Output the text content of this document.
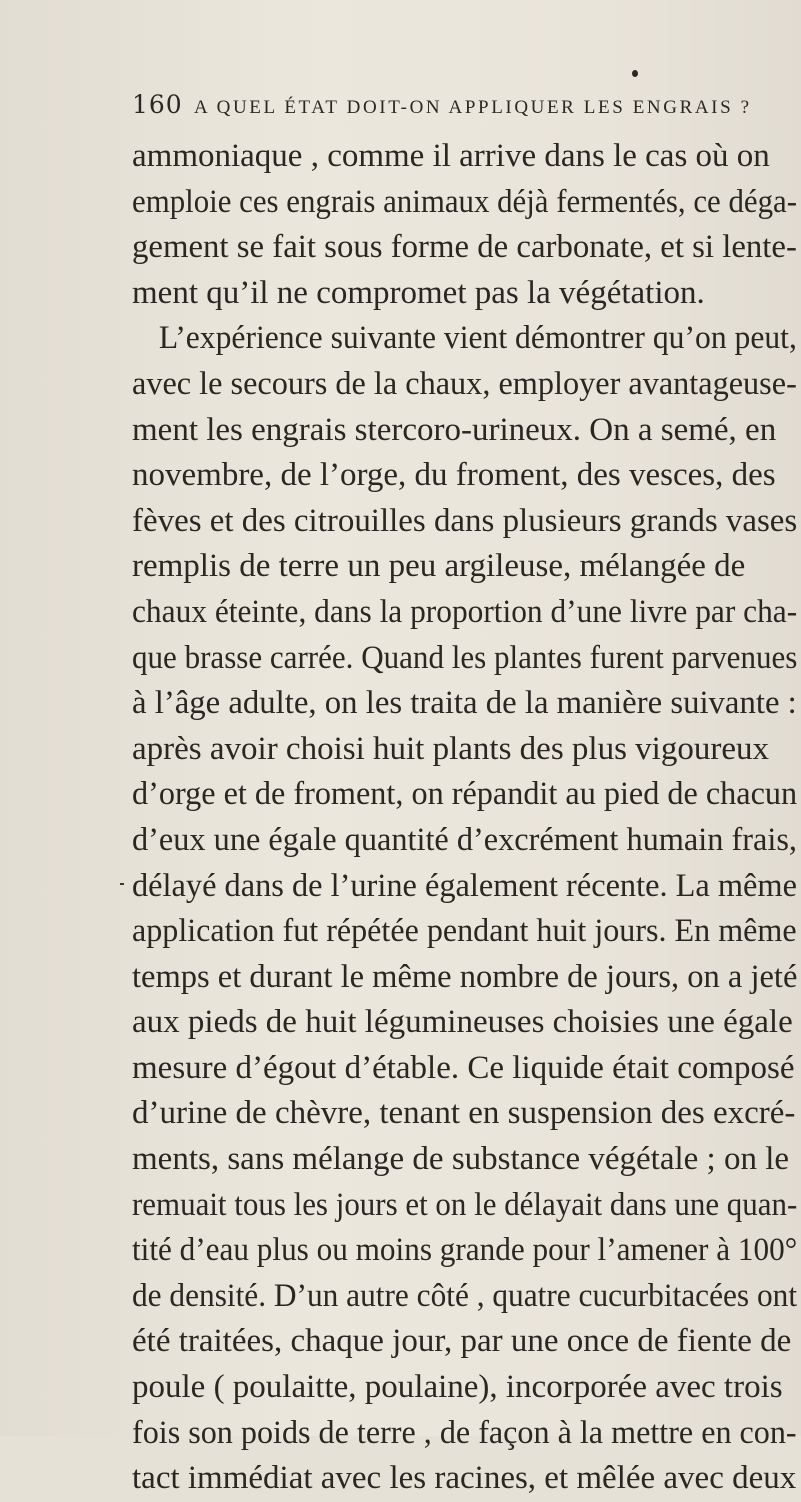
160 A QUEL ÉTAT DOIT-ON APPLIQUER LES ENGRAIS ?
ammoniaque , comme il arrive dans le cas où on
emploie ces engrais animaux déjà fermentés, ce déga-
gement se fait sous forme de carbonate, et si lente-
ment qu’il ne compromet pas la végétation.
L’expérience suivante vient démontrer qu’on peut,
avec le secours de la chaux, employer avantageuse-
ment les engrais stercoro-urineux. On a semé, en
novembre, de l’orge, du froment, des vesces, des
fèves et des citrouilles dans plusieurs grands vases
remplis de terre un peu argileuse, mélangée de
chaux éteinte, dans la proportion d’une livre par cha-
que brasse carrée. Quand les plantes furent parvenues
à l’âge adulte, on les traita de la manière suivante :
après avoir choisi huit plants des plus vigoureux
d’orge et de froment, on répandit au pied de chacun
d’eux une égale quantité d’excrément humain frais,
délayé dans de l’urine également récente. La même
application fut répétée pendant huit jours. En même
temps et durant le même nombre de jours, on a jeté
aux pieds de huit légumineuses choisies une égale
mesure d’égout d’étable. Ce liquide était composé
d’urine de chèvre, tenant en suspension des excré-
ments, sans mélange de substance végétale ; on le
remuait tous les jours et on le délayait dans une quan-
tité d’eau plus ou moins grande pour l’amener à 100°
de densité. D’un autre côté , quatre cucurbitacées ont
été traitées, chaque jour, par une once de fiente de
poule ( poulaitte, poulaine), incorporée avec trois
fois son poids de terre , de façon à la mettre en con-
tact immédiat avec les racines, et mêlée avec deux
